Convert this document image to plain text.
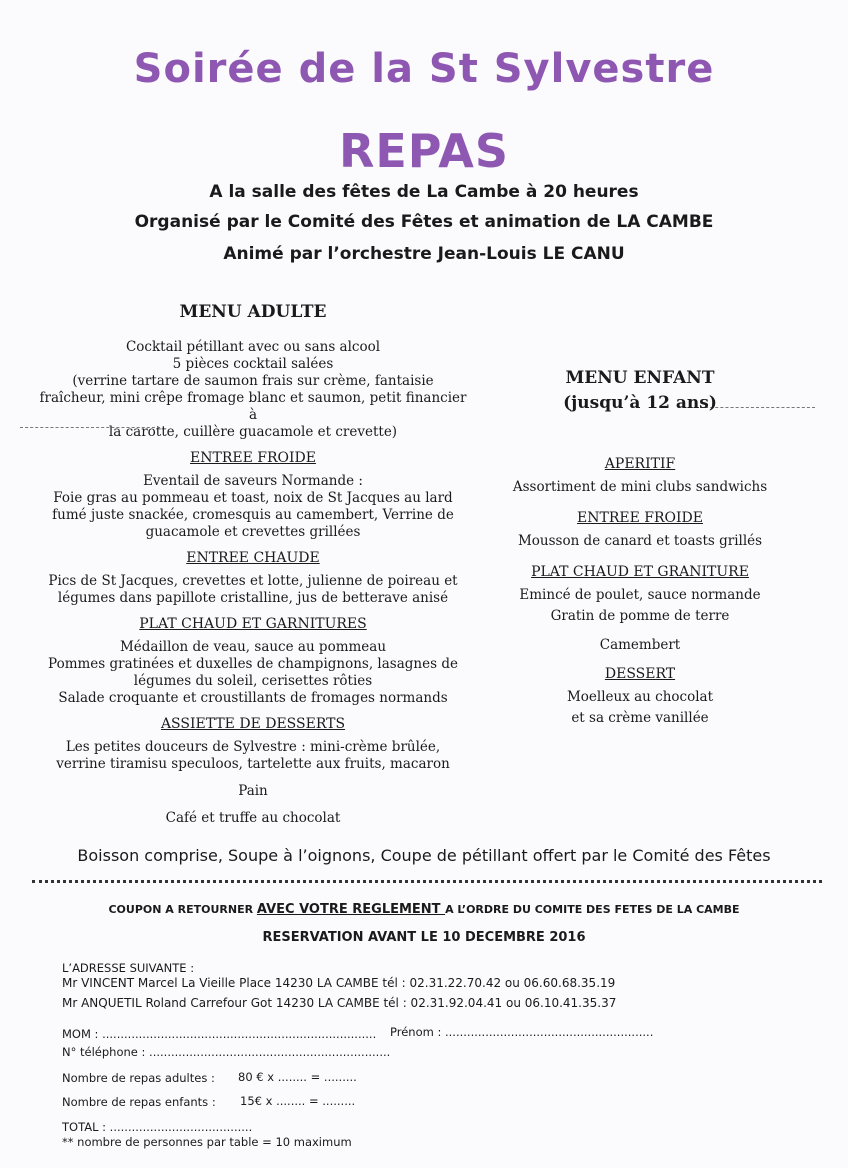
Soirée de la St Sylvestre
REPAS
A la salle des fêtes de La Cambe à 20 heures
Organisé par le Comité des Fêtes et animation de LA CAMBE
Animé par l’orchestre Jean-Louis LE CANU

MENU ADULTE

Cocktail pétillant avec ou sans alcool

5 pièces cocktail salées

(verrine tartare de saumon frais sur crème, fantaisie

fraîcheur, mini crêpe fromage blanc et saumon, petit financier à

la carotte, cuillère guacamole et crevette)

ENTREE FROIDE

Eventail de saveurs Normande :

Foie gras au pommeau et toast, noix de St Jacques au lard

fumé juste snackée, cromesquis au camembert, Verrine de

guacamole et crevettes grillées

ENTREE CHAUDE

Pics de St Jacques, crevettes et lotte, julienne de poireau et

légumes dans papillote cristalline, jus de betterave anisé

PLAT CHAUD ET GARNITURES

Médaillon de veau, sauce au pommeau

Pommes gratinées et duxelles de champignons, lasagnes de

légumes du soleil, cerisettes rôties

Salade croquante et croustillants de fromages normands

ASSIETTE DE DESSERTS

Les petites douceurs de Sylvestre : mini-crème brûlée,

verrine tiramisu speculoos, tartelette aux fruits, macaron

Pain

Café et truffe au chocolat

MENU ENFANT

(jusqu’à 12 ans)

APERITIF

Assortiment de mini clubs sandwichs

ENTREE FROIDE

Mousson de canard et toasts grillés

PLAT CHAUD ET GRANITURE

Emincé de poulet, sauce normande

Gratin de pomme de terre

Camembert

DESSERT

Moelleux au chocolat

et sa crème vanillée

Boisson comprise, Soupe à l’oignons, Coupe de pétillant offert par le Comité des Fêtes
COUPON A RETOURNER AVEC VOTRE REGLEMENT A L’ORDRE DU COMITE DES FETES DE LA CAMBE
RESERVATION AVANT LE 10 DECEMBRE 2016
L’ADRESSE SUIVANTE :
Mr VINCENT Marcel La Vieille Place 14230 LA CAMBE tél : 02.31.22.70.42 ou 06.60.68.35.19
Mr ANQUETIL Roland Carrefour Got 14230 LA CAMBE tél : 02.31.92.04.41 ou 06.10.41.35.37
MOM : ........................................................................... Prénom : .........................................................
N° téléphone : ..................................................................
Nombre de repas adultes : 80 € x ........ = .........
Nombre de repas enfants : 15€ x ........ = .........
TOTAL : .......................................
** nombre de personnes par table = 10 maximum
